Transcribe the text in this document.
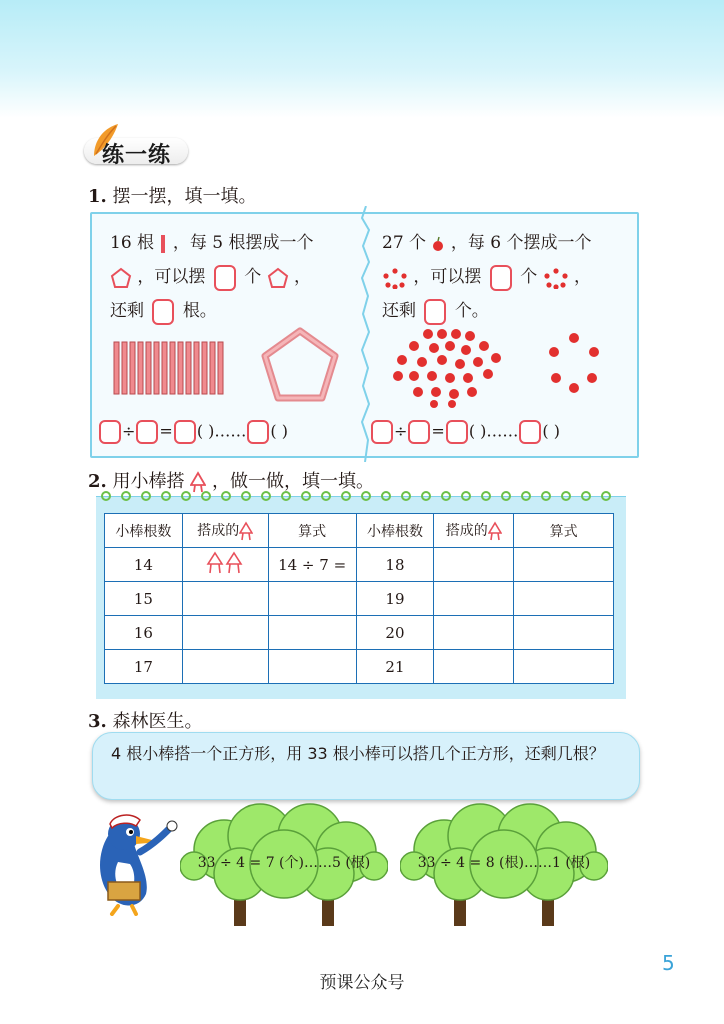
练一练
1. 摆一摆，填一填。
16 根 ，每 5 根摆成一个
，可以摆 个 ，
还剩 根。
÷ = ( )…… ( )
27 个 ，每 6 个摆成一个
，可以摆 个 ，
还剩 个。
÷ = ( )…… ( )
2. 用小棒搭 ，做一做，填一填。
小棒根数	搭成的	算式	小棒根数	搭成的	算式
14		14 ÷ 7 =	18		
15			19		
16			20		
17			21		
3. 森林医生。
4 根小棒搭一个正方形，用 33 根小棒可以搭几个正方形，还剩几根？
33 ÷ 4 = 7 (个)……5 (根)	33 ÷ 4 = 8 (根)……1 (根)
5
预课公众号
